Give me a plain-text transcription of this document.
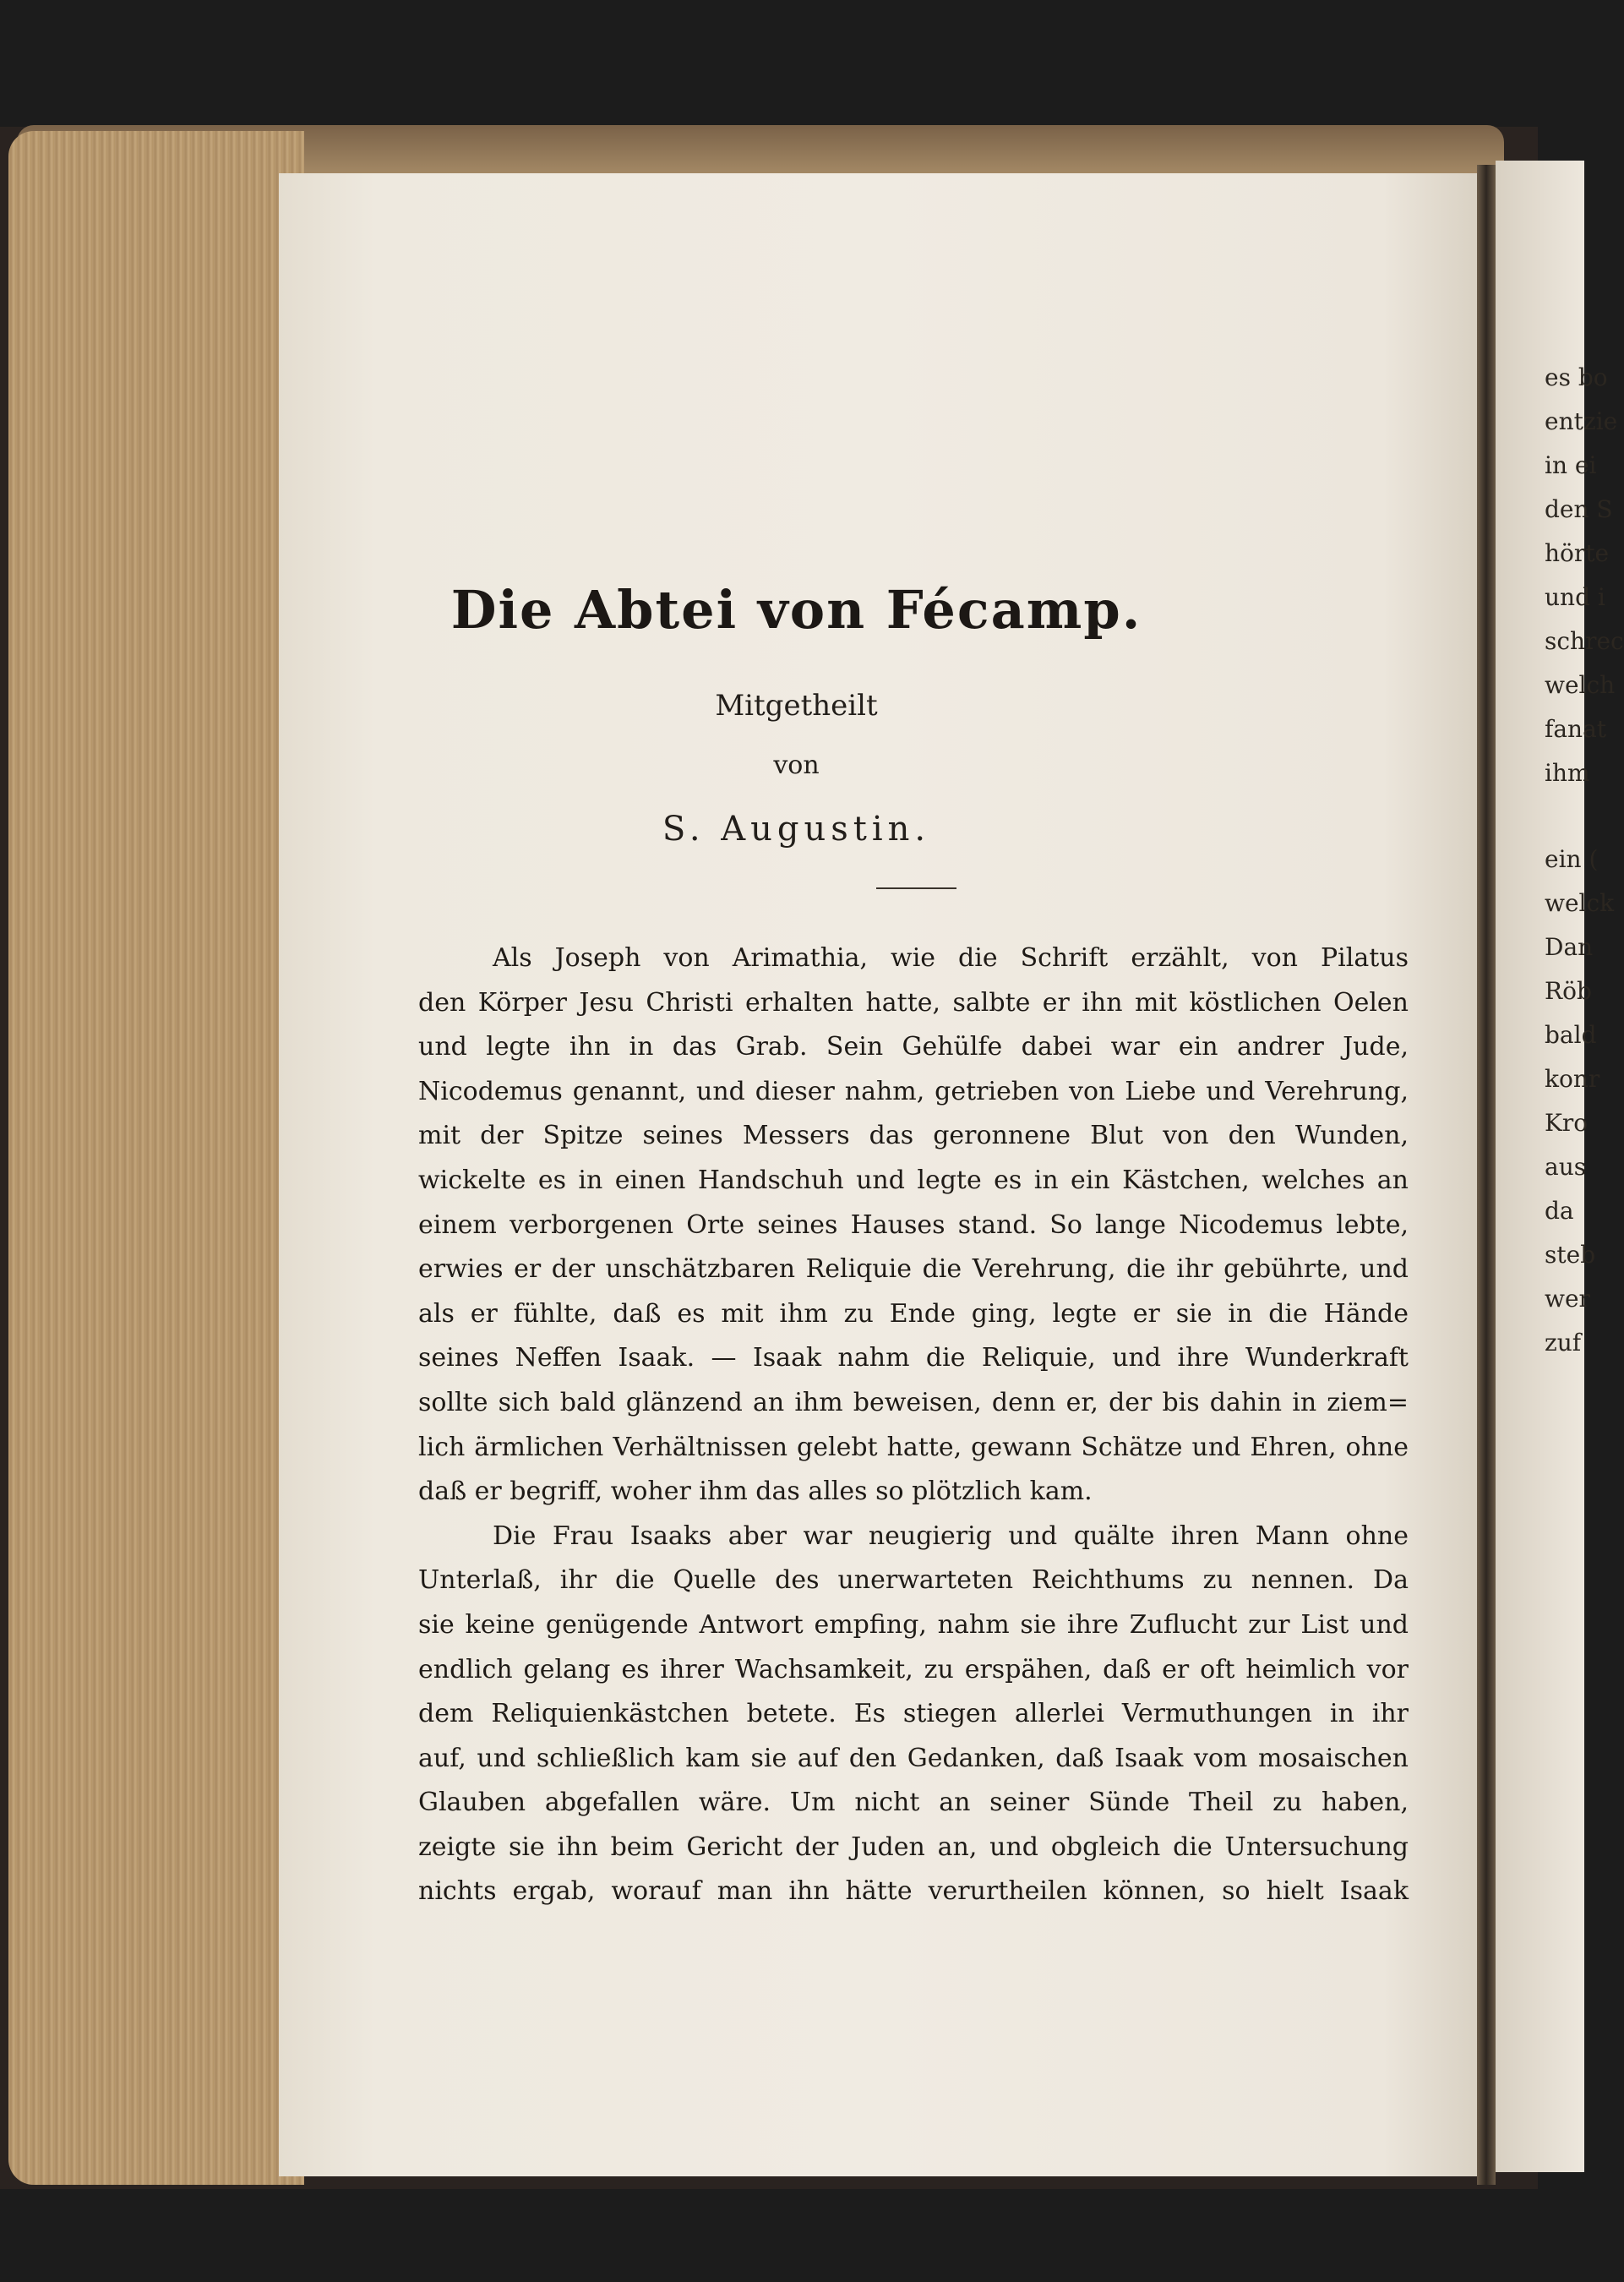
es bo
entzie
in ei
den S
hörte
und i
schrec
welch
fanat
ihm
ein (
welck
Dan
Röb
bald
konr
Kro
aus
da
steb
wer
zuf
Die Abtei von Fécamp.
Mitgetheilt
von
S. Augustin.
Als Joseph von Arimathia, wie die Schrift erzählt, von Pilatus
den Körper Jesu Christi erhalten hatte, salbte er ihn mit köstlichen Oelen
und legte ihn in das Grab. Sein Gehülfe dabei war ein andrer Jude,
Nicodemus genannt, und dieser nahm, getrieben von Liebe und Verehrung,
mit der Spitze seines Messers das geronnene Blut von den Wunden,
wickelte es in einen Handschuh und legte es in ein Kästchen, welches an
einem verborgenen Orte seines Hauses stand. So lange Nicodemus lebte,
erwies er der unschätzbaren Reliquie die Verehrung, die ihr gebührte, und
als er fühlte, daß es mit ihm zu Ende ging, legte er sie in die Hände
seines Neffen Isaak. — Isaak nahm die Reliquie, und ihre Wunderkraft
sollte sich bald glänzend an ihm beweisen, denn er, der bis dahin in ziem=
lich ärmlichen Verhältnissen gelebt hatte, gewann Schätze und Ehren, ohne
daß er begriff, woher ihm das alles so plötzlich kam.
Die Frau Isaaks aber war neugierig und quälte ihren Mann ohne
Unterlaß, ihr die Quelle des unerwarteten Reichthums zu nennen. Da
sie keine genügende Antwort empfing, nahm sie ihre Zuflucht zur List und
endlich gelang es ihrer Wachsamkeit, zu erspähen, daß er oft heimlich vor
dem Reliquienkästchen betete. Es stiegen allerlei Vermuthungen in ihr
auf, und schließlich kam sie auf den Gedanken, daß Isaak vom mosaischen
Glauben abgefallen wäre. Um nicht an seiner Sünde Theil zu haben,
zeigte sie ihn beim Gericht der Juden an, und obgleich die Untersuchung
nichts ergab, worauf man ihn hätte verurtheilen können, so hielt Isaak
